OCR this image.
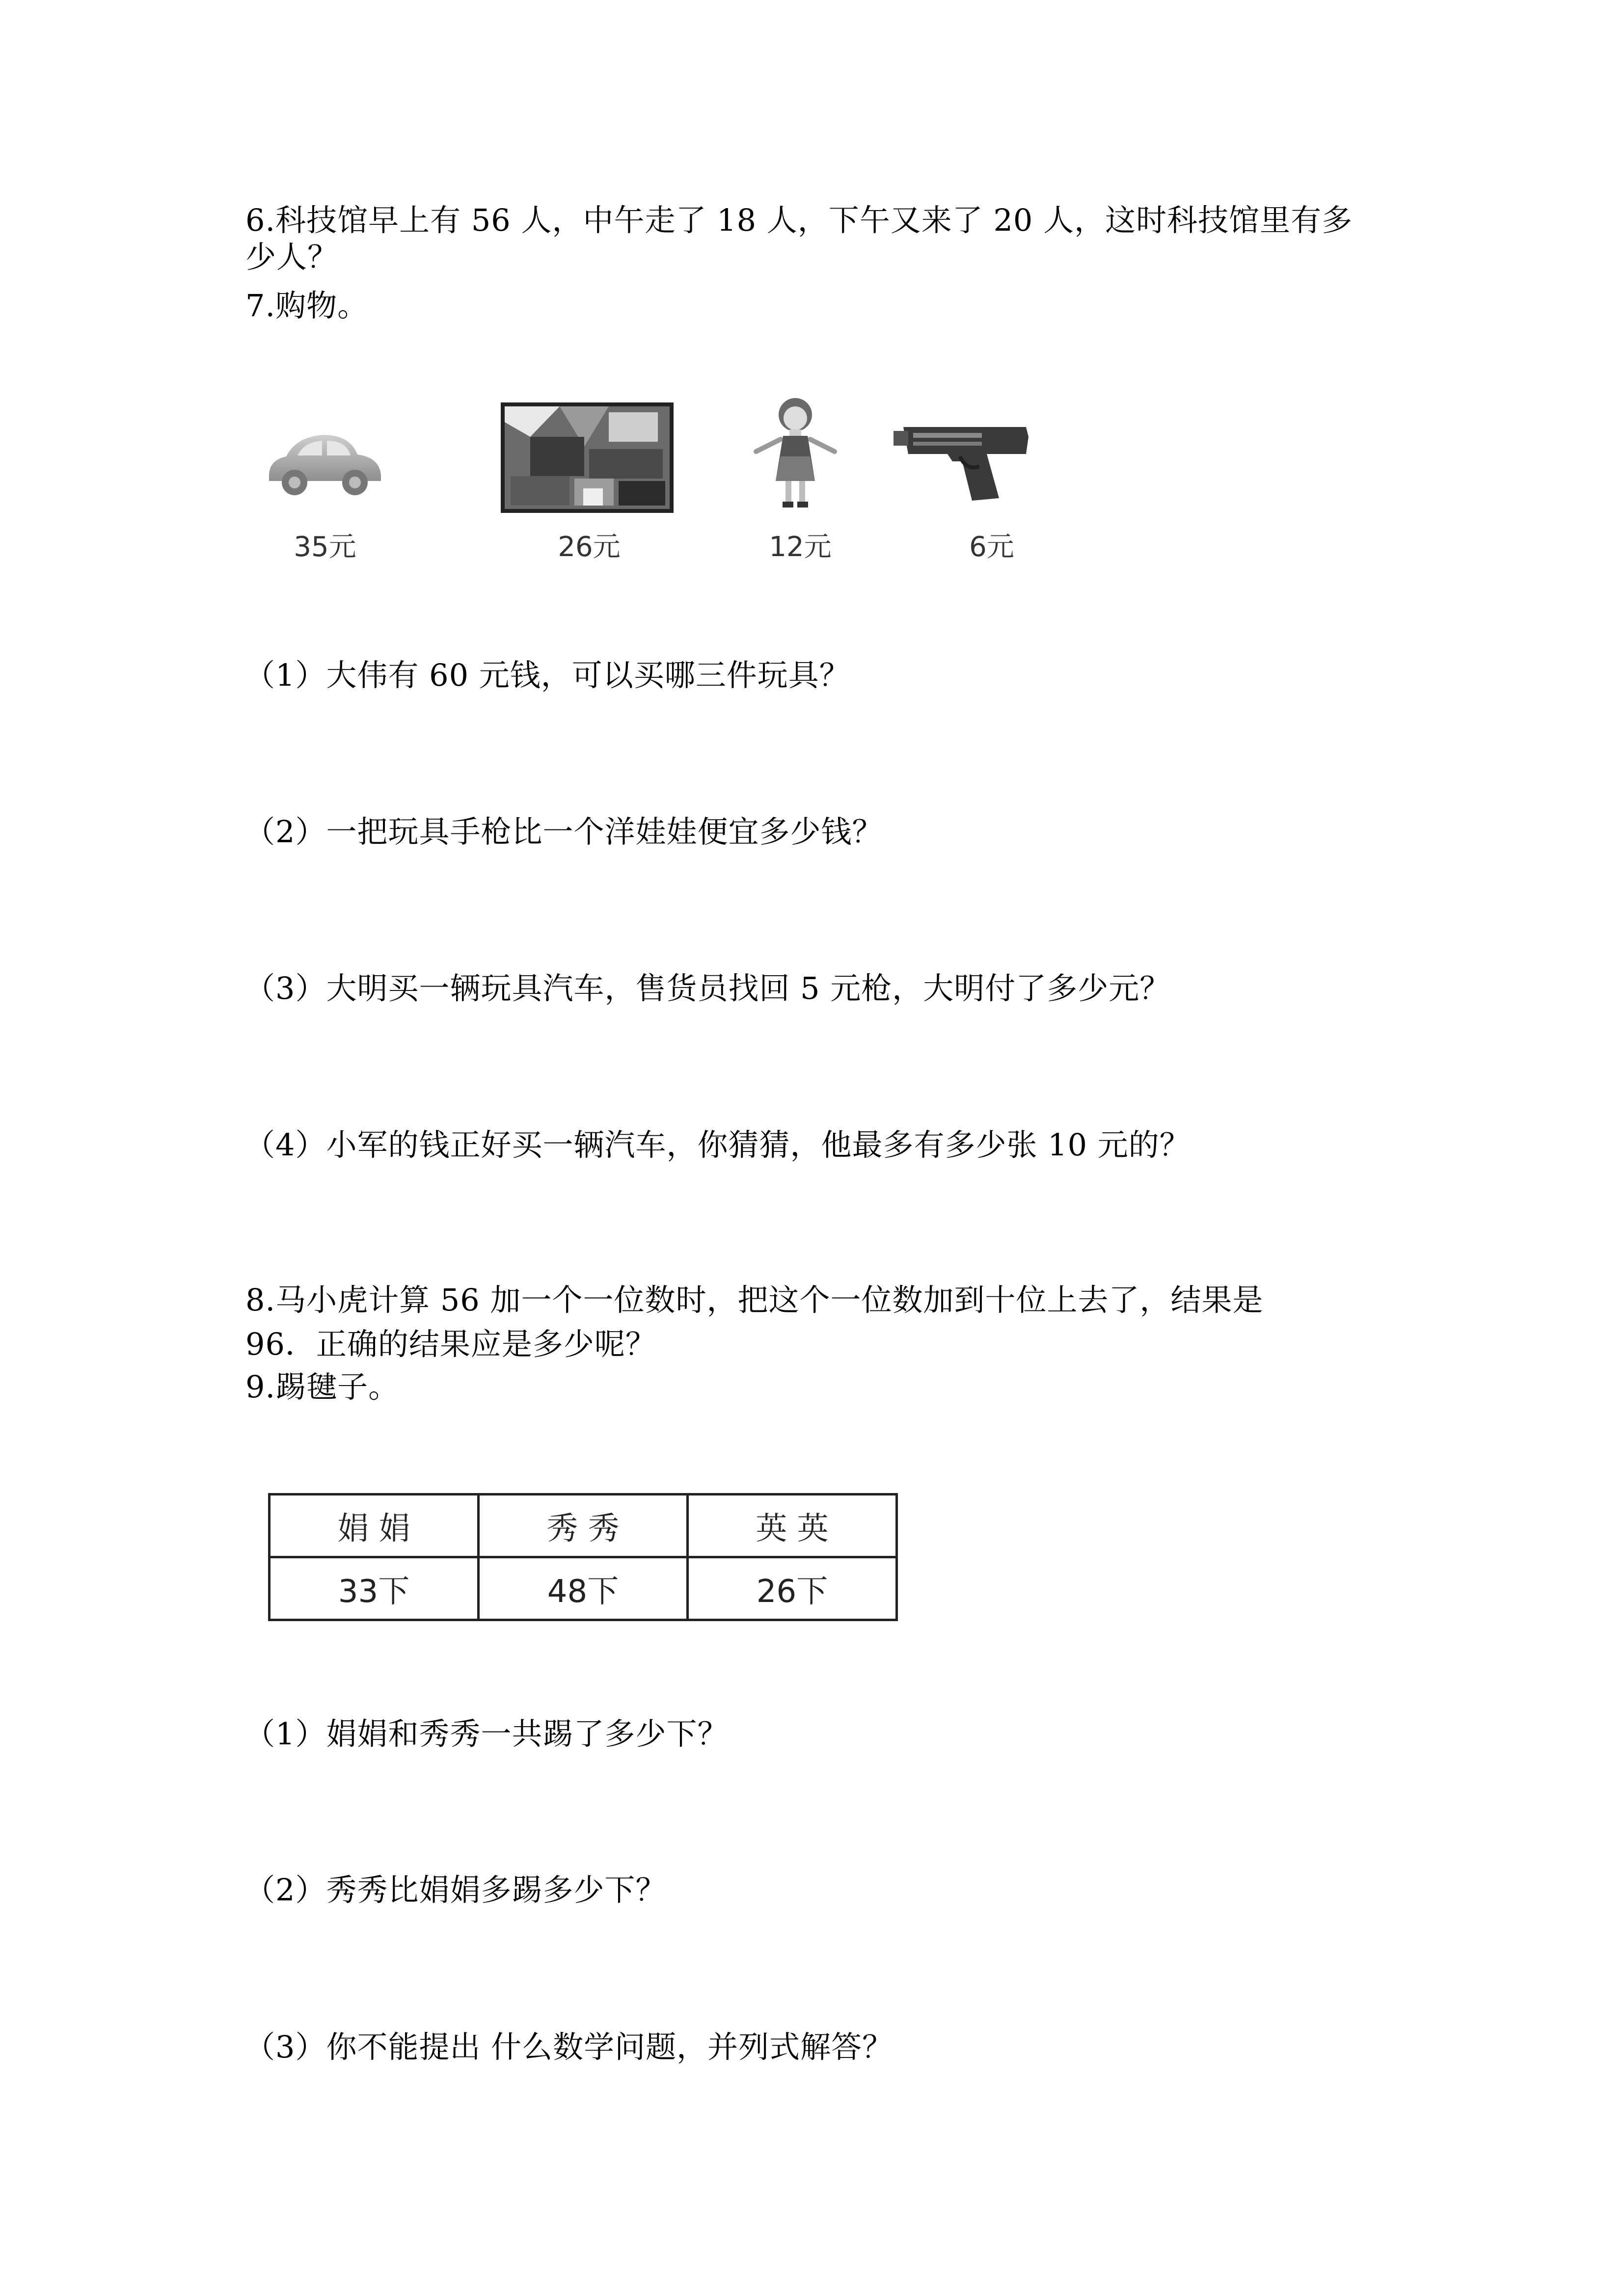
6.科技馆早上有 56 人，中午走了 18 人，下午又来了 20 人，这时科技馆里有多
少人？
7.购物。
35元	26元	12元	6元
（1）大伟有 60 元钱，可以买哪三件玩具？
（2）一把玩具手枪比一个洋娃娃便宜多少钱？
（3）大明买一辆玩具汽车，售货员找回 5 元枪，大明付了多少元？
（4）小军的钱正好买一辆汽车，你猜猜，他最多有多少张 10 元的？
8.马小虎计算 56 加一个一位数时，把这个一位数加到十位上去了，结果是
96．正确的结果应是多少呢？
9.踢毽子。
娟 娟	秀 秀	英 英
33下	48下	26下
（1）娟娟和秀秀一共踢了多少下？
（2）秀秀比娟娟多踢多少下？
（3）你不能提出 什么数学问题，并列式解答？
